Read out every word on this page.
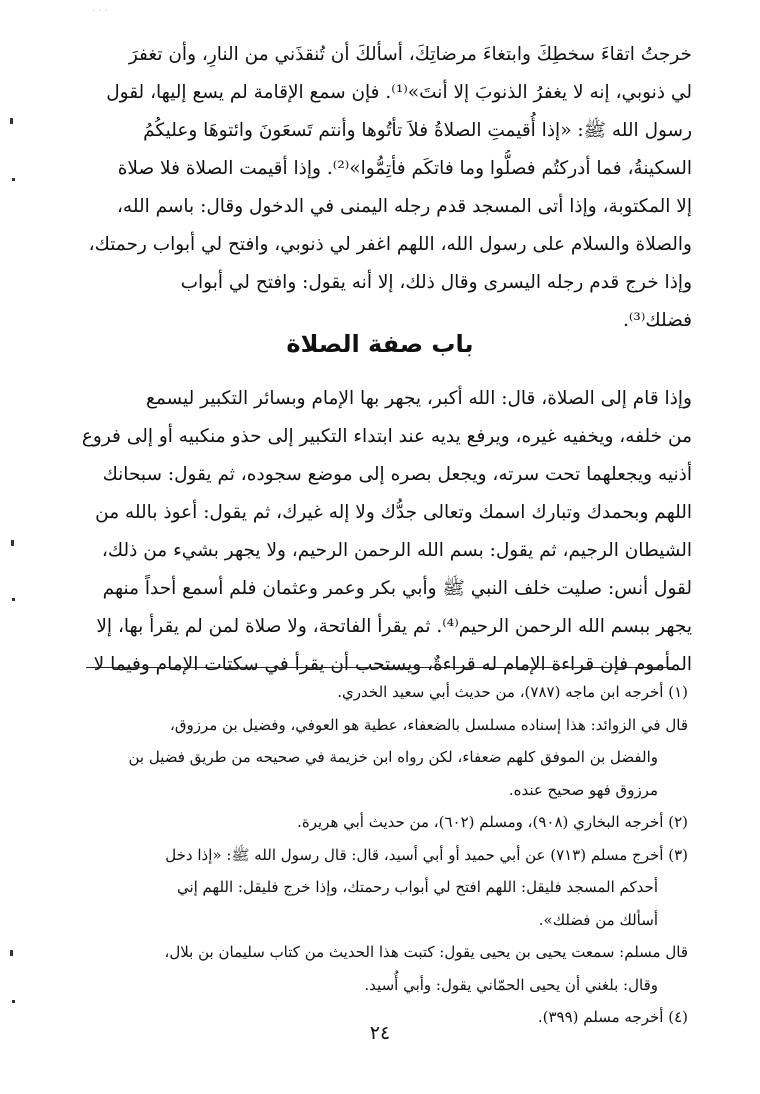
· · ·
خرجتُ اتقاءَ سخطِكَ وابتغاءَ مرضاتِكَ، أسألكَ أن تُنقذَني من النارِ، وأن تغفرَ
لي ذنوبي، إنه لا يغفرُ الذنوبَ إلا أنتَ»⁽¹⁾. فإن سمع الإقامة لم يسع إليها، لقول
رسول الله ﷺ: «إذا أُقيمتِ الصلاةُ فلاَ تأتُوها وأنتم تَسعَونَ وائتوهَا وعليكُمُ
السكينةُ، فما أدركتُم فصلُّوا وما فاتكَم فأتِمُّوا»⁽²⁾. وإذا أقيمت الصلاة فلا صلاة
إلا المكتوبة، وإذا أتى المسجد قدم رجله اليمنى في الدخول وقال: باسم الله،
والصلاة والسلام على رسول الله، اللهم اغفر لي ذنوبي، وافتح لي أبواب رحمتك،
وإذا خرج قدم رجله اليسرى وقال ذلك، إلا أنه يقول: وافتح لي أبواب
فضلك⁽³⁾.
باب صفة الصلاة
وإذا قام إلى الصلاة، قال: الله أكبر، يجهر بها الإمام وبسائر التكبير ليسمع
من خلفه، ويخفيه غيره، ويرفع يديه عند ابتداء التكبير إلى حذو منكبيه أو إلى فروع
أذنيه ويجعلهما تحت سرته، ويجعل بصره إلى موضع سجوده، ثم يقول: سبحانك
اللهم وبحمدك وتبارك اسمك وتعالى جدُّك ولا إله غيرك، ثم يقول: أعوذ بالله من
الشيطان الرجيم، ثم يقول: بسم الله الرحمن الرحيم، ولا يجهر بشيء من ذلك،
لقول أنس: صليت خلف النبي ﷺ وأبي بكر وعمر وعثمان فلم أسمع أحداً منهم
يجهر ببسم الله الرحمن الرحيم⁽⁴⁾. ثم يقرأ الفاتحة، ولا صلاة لمن لم يقرأ بها، إلا
المأموم فإن قراءة الإمام له قراءةٌ، ويستحب أن يقرأ في سكتات الإمام وفيما لا
(١) أخرجه ابن ماجه (٧٨٧)، من حديث أبي سعيد الخدري.
قال في الزوائد: هذا إسناده مسلسل بالضعفاء، عطية هو العوفي، وفضيل بن مرزوق،
والفضل بن الموفق كلهم ضعفاء، لكن رواه ابن خزيمة في صحيحه من طريق فضيل بن
مرزوق فهو صحيح عنده.
(٢) أخرجه البخاري (٩٠٨)، ومسلم (٦٠٢)، من حديث أبي هريرة.
(٣) أخرج مسلم (٧١٣) عن أبي حميد أو أبي أسيد، قال: قال رسول الله ﷺ: «إذا دخل
أحدكم المسجد فليقل: اللهم افتح لي أبواب رحمتك، وإذا خرج فليقل: اللهم إني
أسألك من فضلك».
قال مسلم: سمعت يحيى بن يحيى يقول: كتبت هذا الحديث من كتاب سليمان بن بلال،
وقال: بلغني أن يحيى الحمّاني يقول: وأبي أُسيد.
(٤) أخرجه مسلم (٣٩٩).
٢٤
